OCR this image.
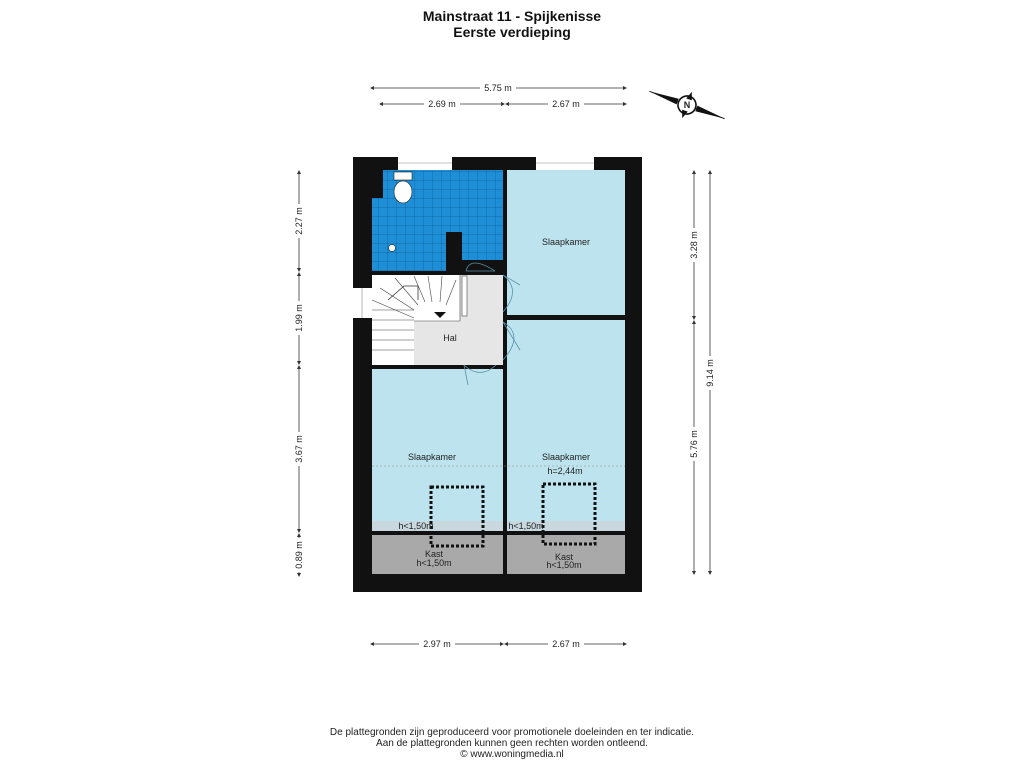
Mainstraat 11 - Spijkenisse
Eerste verdieping
5.75 m
2.69 m	2.67 m
2.27 m
1.99 m
3.67 m
0.89 m
3.28 m
5.76 m
9.14 m
2.97 m	2.67 m
N
Slaapkamer
Hal
Slaapkamer	Slaapkamer
h=2,44m
h<1,50m	h<1,50m
Kast
h<1,50m
Kast
h<1,50m
De plattegronden zijn geproduceerd voor promotionele doeleinden en ter indicatie.
Aan de plattegronden kunnen geen rechten worden ontleend.
© www.woningmedia.nl
